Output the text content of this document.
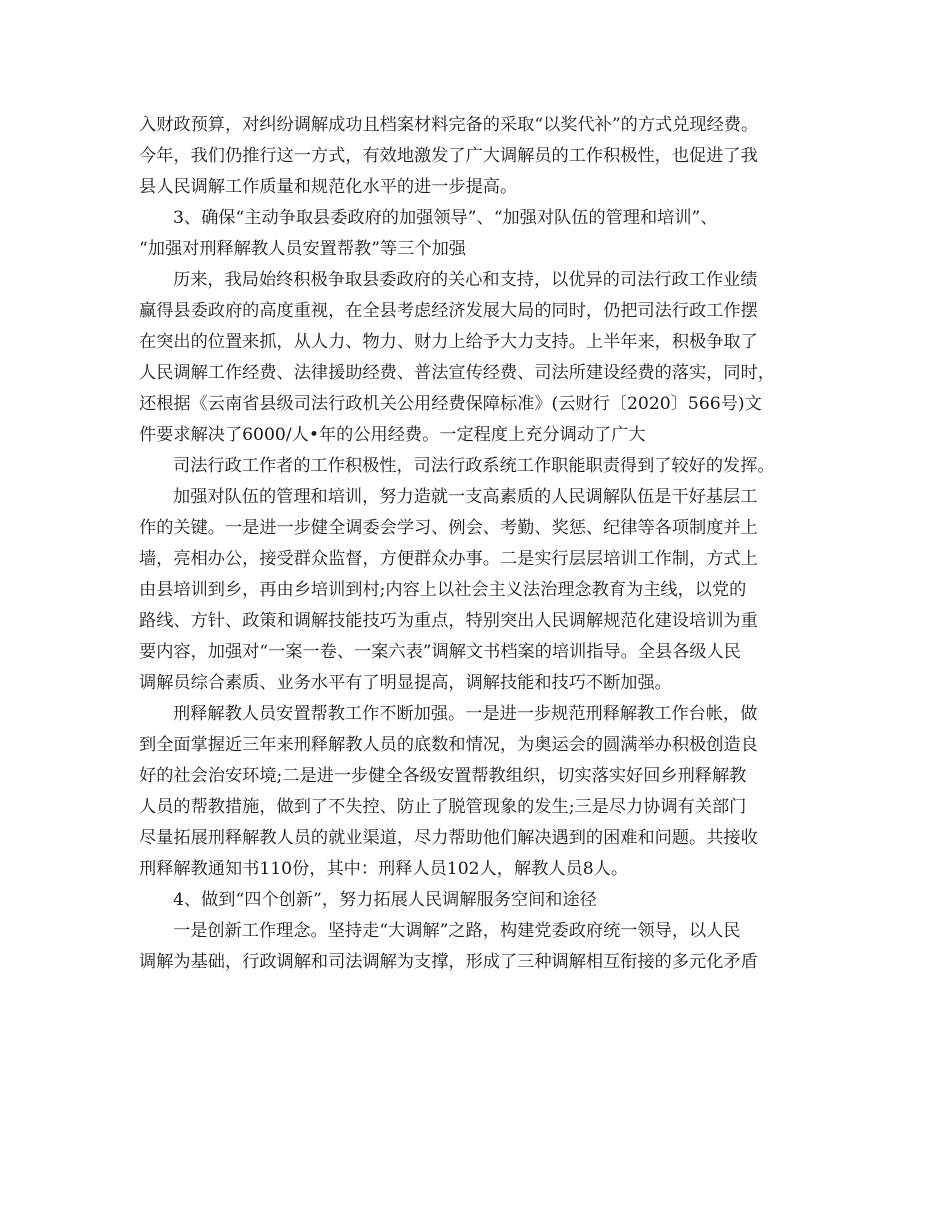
入财政预算，对纠纷调解成功且档案材料完备的采取“以奖代补”的方式兑现经费。
今年，我们仍推行这一方式，有效地激发了广大调解员的工作积极性，也促进了我
县人民调解工作质量和规范化水平的进一步提高。
3、确保“主动争取县委政府的加强领导”、“加强对队伍的管理和培训”、
“加强对刑释解教人员安置帮教”等三个加强
历来，我局始终积极争取县委政府的关心和支持，以优异的司法行政工作业绩
赢得县委政府的高度重视，在全县考虑经济发展大局的同时，仍把司法行政工作摆
在突出的位置来抓，从人力、物力、财力上给予大力支持。上半年来，积极争取了
人民调解工作经费、法律援助经费、普法宣传经费、司法所建设经费的落实，同时，
还根据《云南省县级司法行政机关公用经费保障标准》(云财行〔2020〕566号)文
件要求解决了6000/人•年的公用经费。一定程度上充分调动了广大
司法行政工作者的工作积极性，司法行政系统工作职能职责得到了较好的发挥。
加强对队伍的管理和培训，努力造就一支高素质的人民调解队伍是干好基层工
作的关键。一是进一步健全调委会学习、例会、考勤、奖惩、纪律等各项制度并上
墙，亮相办公，接受群众监督，方便群众办事。二是实行层层培训工作制，方式上
由县培训到乡，再由乡培训到村;内容上以社会主义法治理念教育为主线，以党的
路线、方针、政策和调解技能技巧为重点，特别突出人民调解规范化建设培训为重
要内容，加强对“一案一卷、一案六表”调解文书档案的培训指导。全县各级人民
调解员综合素质、业务水平有了明显提高，调解技能和技巧不断加强。
刑释解教人员安置帮教工作不断加强。一是进一步规范刑释解教工作台帐，做
到全面掌握近三年来刑释解教人员的底数和情况，为奥运会的圆满举办积极创造良
好的社会治安环境;二是进一步健全各级安置帮教组织，切实落实好回乡刑释解教
人员的帮教措施，做到了不失控、防止了脱管现象的发生;三是尽力协调有关部门
尽量拓展刑释解教人员的就业渠道，尽力帮助他们解决遇到的困难和问题。共接收
刑释解教通知书110份，其中：刑释人员102人，解教人员8人。
4、做到“四个创新”，努力拓展人民调解服务空间和途径
一是创新工作理念。坚持走“大调解”之路，构建党委政府统一领导，以人民
调解为基础，行政调解和司法调解为支撑，形成了三种调解相互衔接的多元化矛盾
